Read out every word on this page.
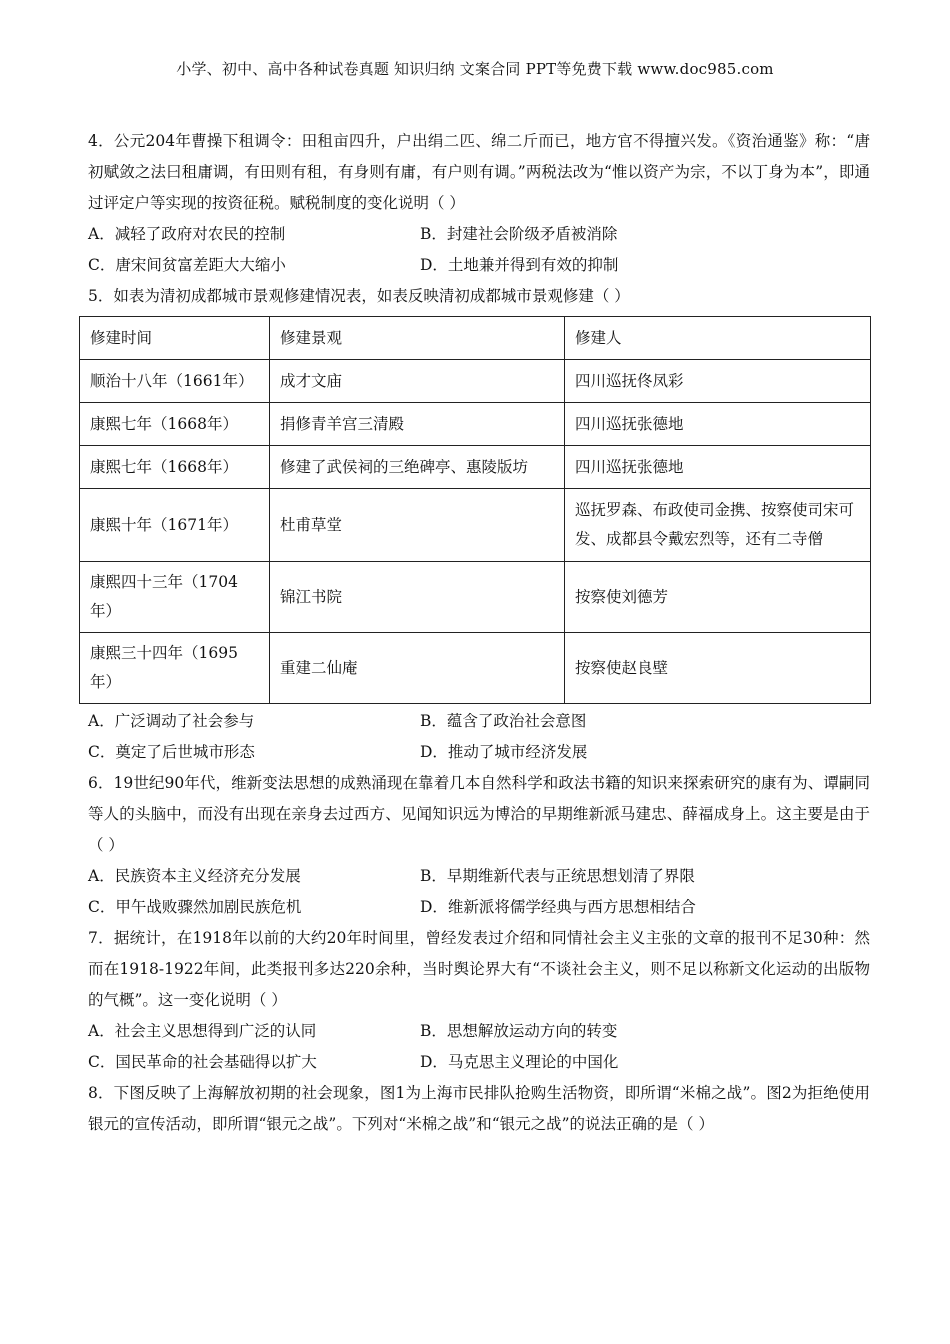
小学、初中、高中各种试卷真题 知识归纳 文案合同 PPT等免费下载 www.doc985.com

4．公元204年曹操下租调令：田租亩四升，户出绢二匹、绵二斤而已，地方官不得擅兴发。《资治通鉴》称：“唐初赋敛之法曰租庸调，有田则有租，有身则有庸，有户则有调。”两税法改为“惟以资产为宗，不以丁身为本”，即通过评定户等实现的按资征税。赋税制度的变化说明（ ）

A．减轻了政府对农民的控制	B．封建社会阶级矛盾被消除
C．唐宋间贫富差距大大缩小	D．土地兼并得到有效的抑制

5．如表为清初成都城市景观修建情况表，如表反映清初成都城市景观修建（ ）

修建时间	修建景观	修建人
顺治十八年（1661年）	成才文庙	四川巡抚佟凤彩
康熙七年（1668年）	捐修青羊宫三清殿	四川巡抚张德地
康熙七年（1668年）	修建了武侯祠的三绝碑亭、惠陵版坊	四川巡抚张德地
康熙十年（1671年）	杜甫草堂	巡抚罗森、布政使司金携、按察使司宋可发、成都县令戴宏烈等，还有二寺僧
康熙四十三年（1704年）	锦江书院	按察使刘德芳
康熙三十四年（1695年）	重建二仙庵	按察使赵良壁
A．广泛调动了社会参与	B．蕴含了政治社会意图
C．奠定了后世城市形态	D．推动了城市经济发展

6．19世纪90年代，维新变法思想的成熟涌现在靠着几本自然科学和政法书籍的知识来探索研究的康有为、谭嗣同等人的头脑中，而没有出现在亲身去过西方、见闻知识远为博洽的早期维新派马建忠、薛福成身上。这主要是由于（ ）

A．民族资本主义经济充分发展	B．早期维新代表与正统思想划清了界限
C．甲午战败骤然加剧民族危机	D．维新派将儒学经典与西方思想相结合

7．据统计，在1918年以前的大约20年时间里，曾经发表过介绍和同情社会主义主张的文章的报刊不足30种：然而在1918-1922年间，此类报刊多达220余种，当时舆论界大有“不谈社会主义，则不足以称新文化运动的出版物的气概”。这一变化说明（ ）

A．社会主义思想得到广泛的认同	B．思想解放运动方向的转变
C．国民革命的社会基础得以扩大	D．马克思主义理论的中国化

8．下图反映了上海解放初期的社会现象，图1为上海市民排队抢购生活物资，即所谓“米棉之战”。图2为拒绝使用银元的宣传活动，即所谓“银元之战”。下列对“米棉之战”和“银元之战”的说法正确的是（ ）
